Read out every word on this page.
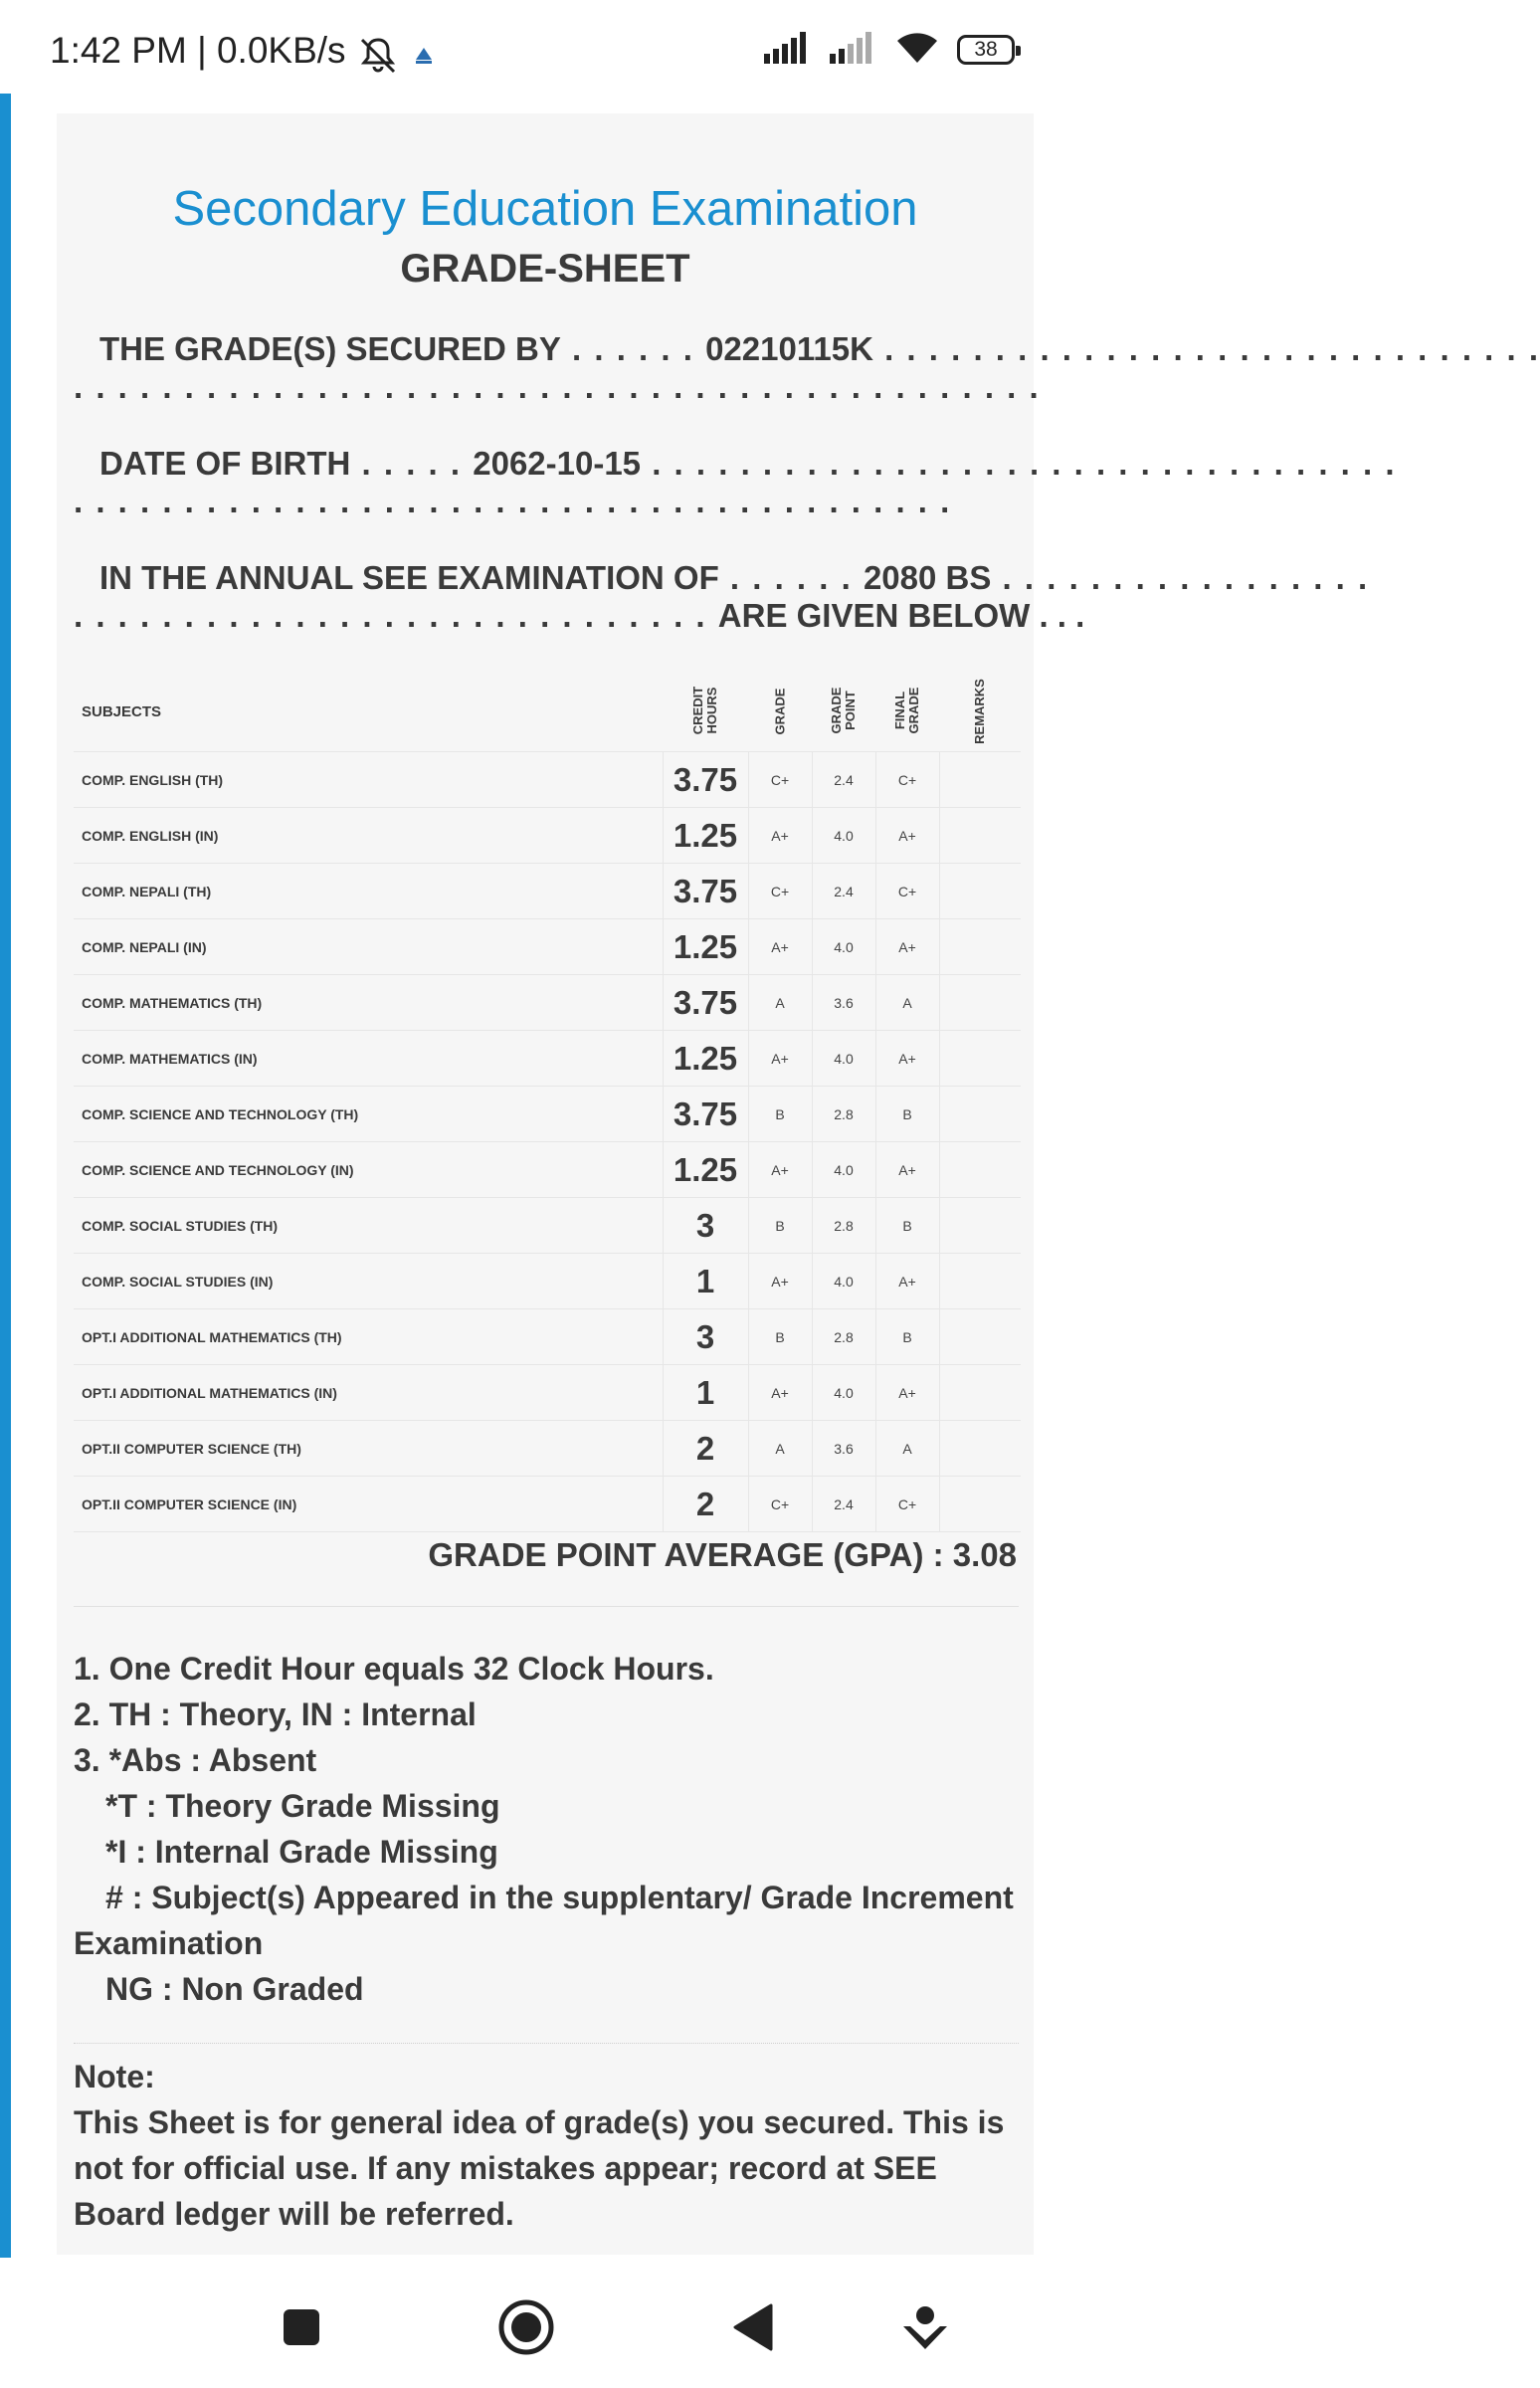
1:42 PM | 0.0KB/s	38
Secondary Education Examination
GRADE-SHEET
THE GRADE(S) SECURED BY . . . . . . 02210115K . . . . . . . . . . . . . . . . . . . . . . . . . . . . . .
. . . . . . . . . . . . . . . . . . . . . . . . . . . . . . . . . . . . . . . . . . . .
DATE OF BIRTH . . . . . 2062-10-15 . . . . . . . . . . . . . . . . . . . . . . . . . . . . . . . . . .
. . . . . . . . . . . . . . . . . . . . . . . . . . . . . . . . . . . . . . . .
IN THE ANNUAL SEE EXAMINATION OF . . . . . . 2080 BS . . . . . . . . . . . . . . . . .
. . . . . . . . . . . . . . . . . . . . . . . . . . . . . ARE GIVEN BELOW . . .
SUBJECTS	CREDIT HOURS	GRADE	GRADE POINT	FINAL GRADE	REMARKS
COMP. ENGLISH (TH)	3.75	C+	2.4	C+	
COMP. ENGLISH (IN)	1.25	A+	4.0	A+	
COMP. NEPALI (TH)	3.75	C+	2.4	C+	
COMP. NEPALI (IN)	1.25	A+	4.0	A+	
COMP. MATHEMATICS (TH)	3.75	A	3.6	A	
COMP. MATHEMATICS (IN)	1.25	A+	4.0	A+	
COMP. SCIENCE AND TECHNOLOGY (TH)	3.75	B	2.8	B	
COMP. SCIENCE AND TECHNOLOGY (IN)	1.25	A+	4.0	A+	
COMP. SOCIAL STUDIES (TH)	3	B	2.8	B	
COMP. SOCIAL STUDIES (IN)	1	A+	4.0	A+	
OPT.I ADDITIONAL MATHEMATICS (TH)	3	B	2.8	B	
OPT.I ADDITIONAL MATHEMATICS (IN)	1	A+	4.0	A+	
OPT.II COMPUTER SCIENCE (TH)	2	A	3.6	A	
OPT.II COMPUTER SCIENCE (IN)	2	C+	2.4	C+	
GRADE POINT AVERAGE (GPA) : 3.08
1. One Credit Hour equals 32 Clock Hours.
2. TH : Theory, IN : Internal
3. *Abs : Absent
*T : Theory Grade Missing
*I : Internal Grade Missing
# : Subject(s) Appeared in the supplentary/ Grade Increment
Examination
NG : Non Graded
Note:
This Sheet is for general idea of grade(s) you secured. This is not for official use. If any mistakes appear; record at SEE Board ledger will be referred.
